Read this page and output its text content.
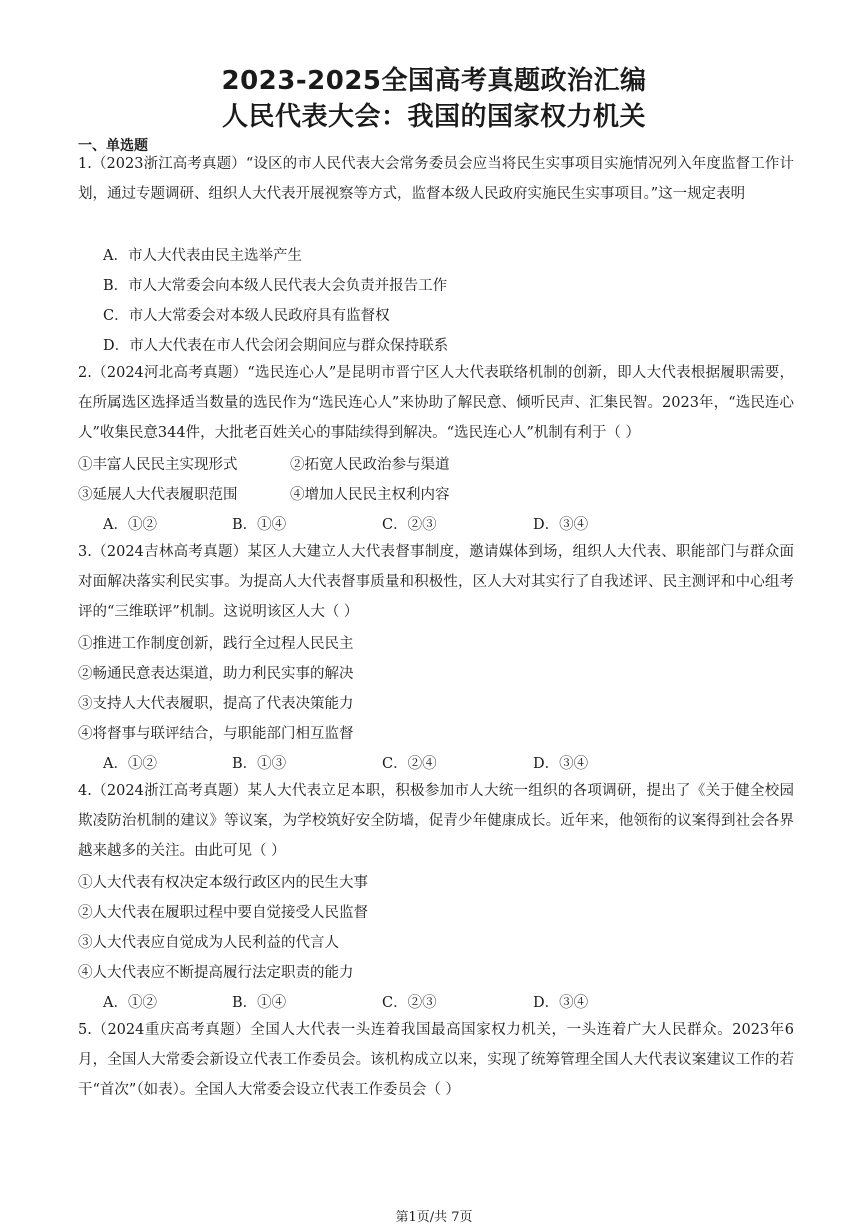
2023-2025全国高考真题政治汇编
人民代表大会：我国的国家权力机关
一、单选题

1.（2023浙江高考真题）“设区的市人民代表大会常务委员会应当将民生实事项目实施情况列入年度监督工作计划，通过专题调研、组织人大代表开展视察等方式，监督本级人民政府实施民生实事项目。”这一规定表明

A．市人大代表由民主选举产生
B．市人大常委会向本级人民代表大会负责并报告工作
C．市人大常委会对本级人民政府具有监督权
D．市人大代表在市人代会闭会期间应与群众保持联系

2.（2024河北高考真题）“选民连心人”是昆明市晋宁区人大代表联络机制的创新，即人大代表根据履职需要，在所属选区选择适当数量的选民作为“选民连心人”来协助了解民意、倾听民声、汇集民智。2023年，“选民连心人”收集民意344件，大批老百姓关心的事陆续得到解决。“选民连心人”机制有利于（ ）

①丰富人民民主实现形式	②拓宽人民政治参与渠道
③延展人大代表履职范围	④增加人民民主权利内容
A．①②	B．①④	C．②③	D．③④

3.（2024吉林高考真题）某区人大建立人大代表督事制度，邀请媒体到场，组织人大代表、职能部门与群众面对面解决落实利民实事。为提高人大代表督事质量和积极性，区人大对其实行了自我述评、民主测评和中心组考评的“三维联评”机制。这说明该区人大（ ）

①推进工作制度创新，践行全过程人民民主
②畅通民意表达渠道，助力利民实事的解决
③支持人大代表履职，提高了代表决策能力
④将督事与联评结合，与职能部门相互监督
A．①②	B．①③	C．②④	D．③④

4.（2024浙江高考真题）某人大代表立足本职，积极参加市人大统一组织的各项调研，提出了《关于健全校园欺凌防治机制的建议》等议案，为学校筑好安全防墙，促青少年健康成长。近年来，他领衔的议案得到社会各界越来越多的关注。由此可见（ ）

①人大代表有权决定本级行政区内的民生大事
②人大代表在履职过程中要自觉接受人民监督
③人大代表应自觉成为人民利益的代言人
④人大代表应不断提高履行法定职责的能力
A．①②	B．①④	C．②③	D．③④

5.（2024重庆高考真题）全国人大代表一头连着我国最高国家权力机关，一头连着广大人民群众。2023年6月，全国人大常委会新设立代表工作委员会。该机构成立以来，实现了统筹管理全国人大代表议案建议工作的若干“首次”（如表）。全国人大常委会设立代表工作委员会（ ）

第1页/共 7页
